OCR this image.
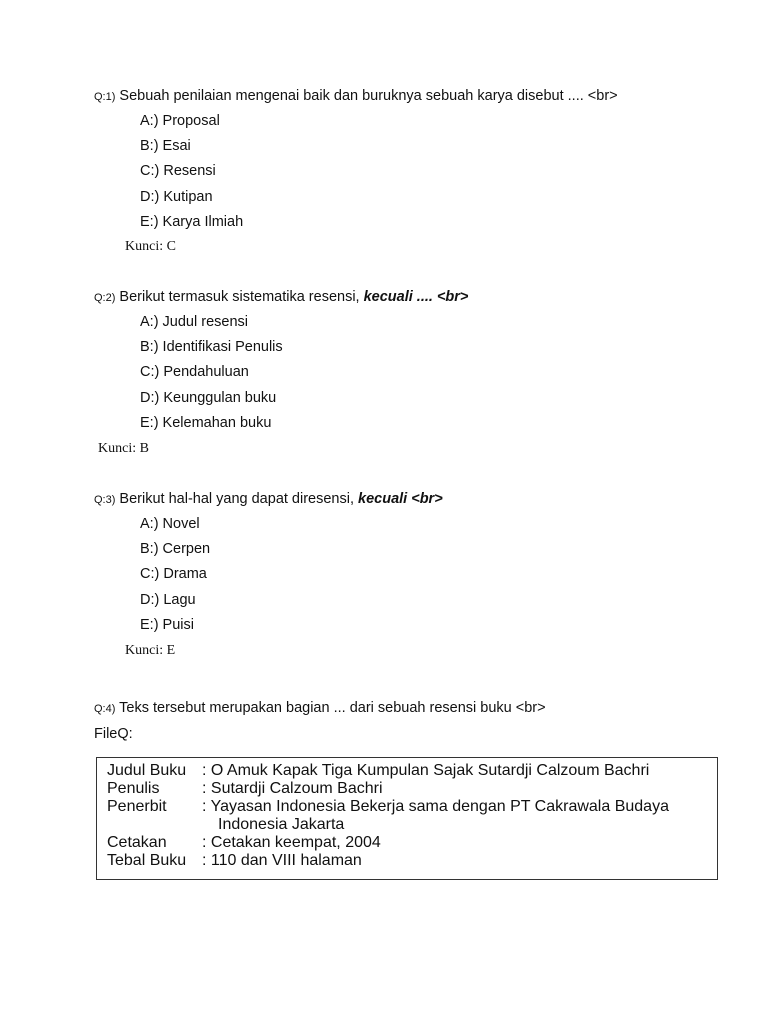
Q:1) Sebuah penilaian mengenai baik dan buruknya sebuah karya disebut .... <br>
A:) Proposal
B:) Esai
C:) Resensi
D:) Kutipan
E:) Karya Ilmiah
Kunci: C
Q:2) Berikut termasuk sistematika resensi, kecuali .... <br>
A:) Judul resensi
B:) Identifikasi Penulis
C:) Pendahuluan
D:) Keunggulan buku
E:) Kelemahan buku
Kunci: B
Q:3) Berikut hal-hal yang dapat diresensi, kecuali <br>
A:) Novel
B:) Cerpen
C:) Drama
D:) Lagu
E:) Puisi
Kunci: E
Q:4) Teks tersebut merupakan bagian ... dari sebuah resensi buku <br>
FileQ:
Judul Buku : O Amuk Kapak Tiga Kumpulan Sajak Sutardji Calzoum Bachri
Penulis	: Sutardji Calzoum Bachri
Penerbit : Yayasan Indonesia Bekerja sama dengan PT Cakrawala Budaya
Indonesia Jakarta
Cetakan : Cetakan keempat, 2004
Tebal Buku : 110 dan VIII halaman
